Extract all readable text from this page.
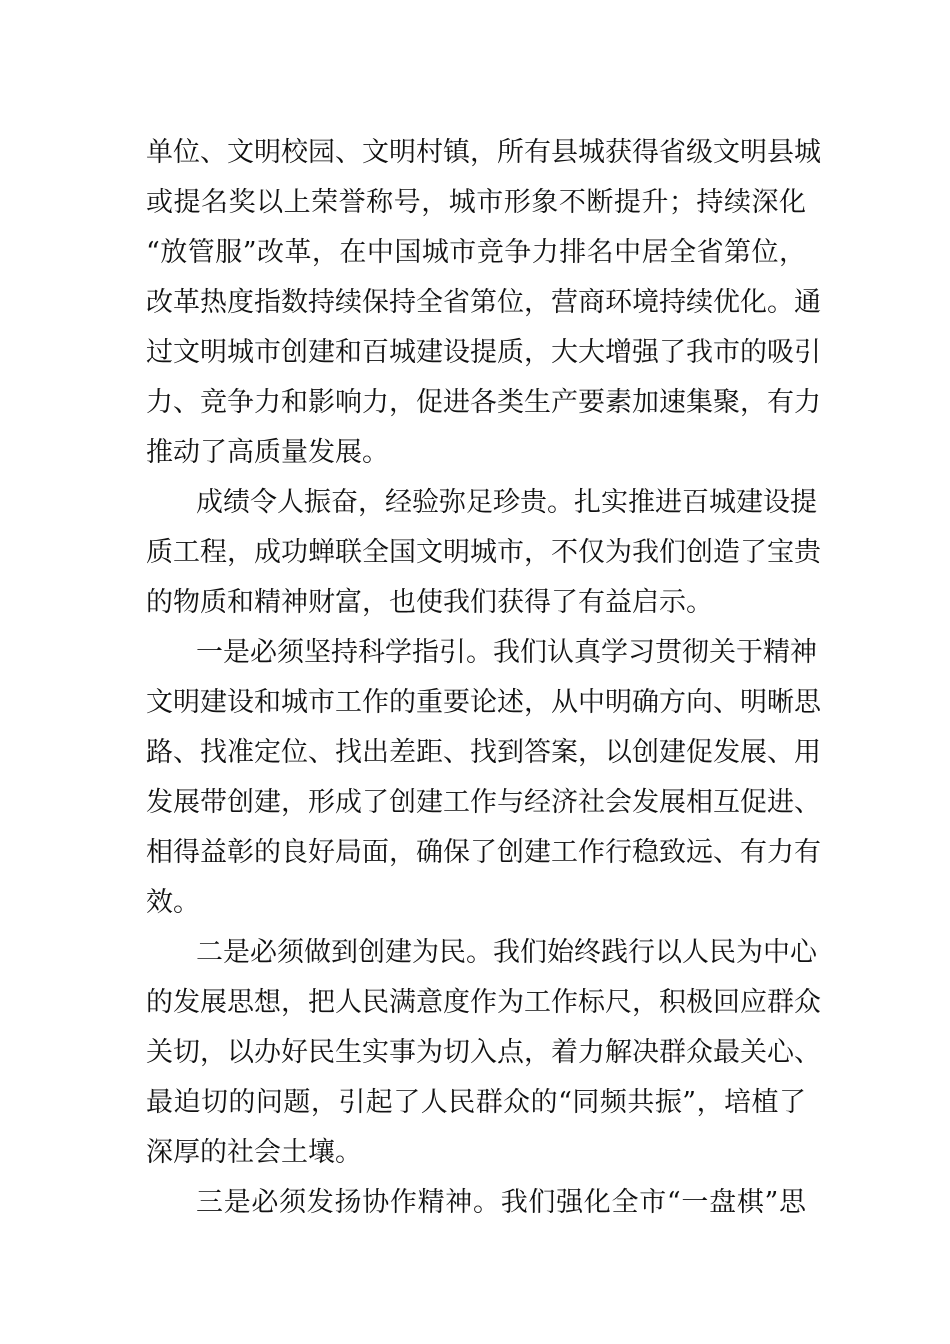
单位、文明校园、文明村镇，所有县城获得省级文明县城
或提名奖以上荣誉称号，城市形象不断提升；持续深化
“放管服”改革，在中国城市竞争力排名中居全省第位，
改革热度指数持续保持全省第位，营商环境持续优化。通
过文明城市创建和百城建设提质，大大增强了我市的吸引
力、竞争力和影响力，促进各类生产要素加速集聚，有力
推动了高质量发展。
成绩令人振奋，经验弥足珍贵。扎实推进百城建设提
质工程，成功蝉联全国文明城市，不仅为我们创造了宝贵
的物质和精神财富，也使我们获得了有益启示。
一是必须坚持科学指引。我们认真学习贯彻关于精神
文明建设和城市工作的重要论述，从中明确方向、明晰思
路、找准定位、找出差距、找到答案，以创建促发展、用
发展带创建，形成了创建工作与经济社会发展相互促进、
相得益彰的良好局面，确保了创建工作行稳致远、有力有
效。
二是必须做到创建为民。我们始终践行以人民为中心
的发展思想，把人民满意度作为工作标尺，积极回应群众
关切，以办好民生实事为切入点，着力解决群众最关心、
最迫切的问题，引起了人民群众的“同频共振”，培植了
深厚的社会土壤。
三是必须发扬协作精神。我们强化全市“一盘棋”思
